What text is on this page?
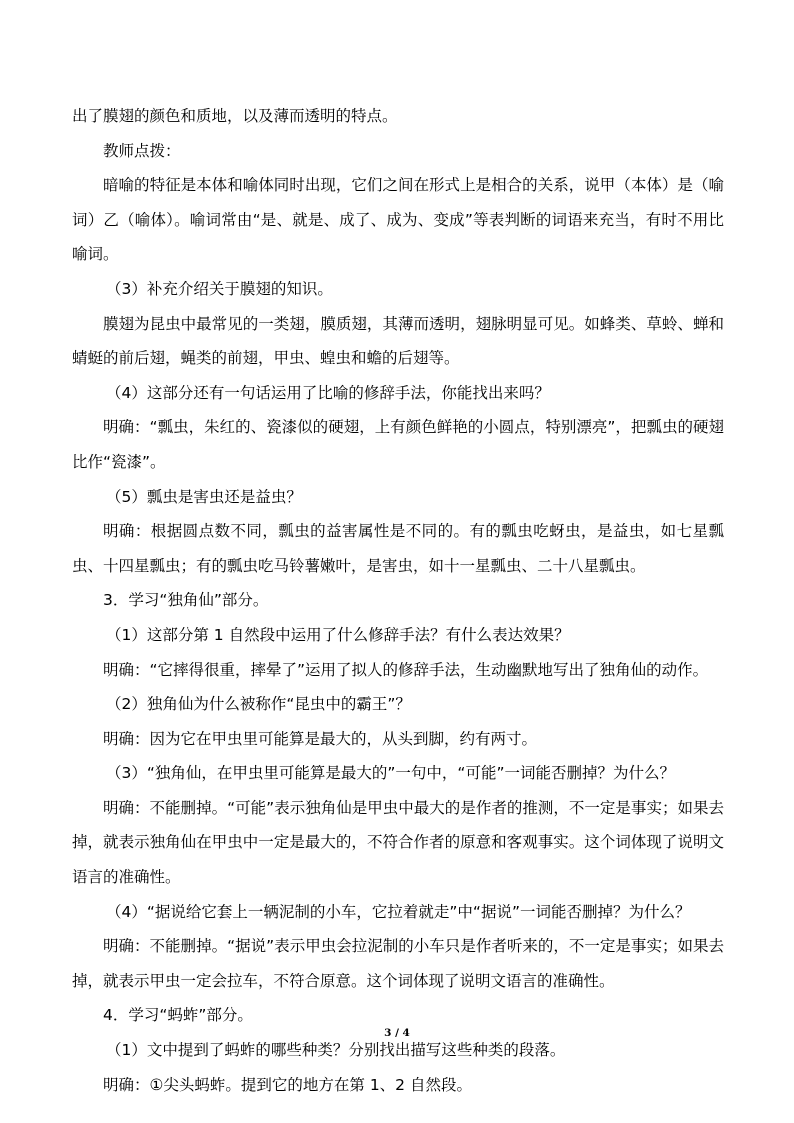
出了膜翅的颜色和质地，以及薄而透明的特点。

教师点拨：

暗喻的特征是本体和喻体同时出现，它们之间在形式上是相合的关系，说甲（本体）是（喻词）乙（喻体）。喻词常由“是、就是、成了、成为、变成”等表判断的词语来充当，有时不用比喻词。

（3）补充介绍关于膜翅的知识。

膜翅为昆虫中最常见的一类翅，膜质翅，其薄而透明，翅脉明显可见。如蜂类、草蛉、蝉和蜻蜓的前后翅，蝇类的前翅，甲虫、蝗虫和蟾的后翅等。

（4）这部分还有一句话运用了比喻的修辞手法，你能找出来吗？

明确：“瓢虫，朱红的、瓷漆似的硬翅，上有颜色鲜艳的小圆点，特别漂亮”，把瓢虫的硬翅比作“瓷漆”。

（5）瓢虫是害虫还是益虫？

明确：根据圆点数不同，瓢虫的益害属性是不同的。有的瓢虫吃蚜虫，是益虫，如七星瓢虫、十四星瓢虫；有的瓢虫吃马铃薯嫩叶，是害虫，如十一星瓢虫、二十八星瓢虫。

3．学习“独角仙”部分。

（1）这部分第 1 自然段中运用了什么修辞手法？有什么表达效果？

明确：“它摔得很重，摔晕了”运用了拟人的修辞手法，生动幽默地写出了独角仙的动作。

（2）独角仙为什么被称作“昆虫中的霸王”？

明确：因为它在甲虫里可能算是最大的，从头到脚，约有两寸。

（3）“独角仙，在甲虫里可能算是最大的”一句中，“可能”一词能否删掉？为什么？

明确：不能删掉。“可能”表示独角仙是甲虫中最大的是作者的推测，不一定是事实；如果去掉，就表示独角仙在甲虫中一定是最大的，不符合作者的原意和客观事实。这个词体现了说明文语言的准确性。

（4）“据说给它套上一辆泥制的小车，它拉着就走”中“据说”一词能否删掉？为什么？

明确：不能删掉。“据说”表示甲虫会拉泥制的小车只是作者听来的，不一定是事实；如果去掉，就表示甲虫一定会拉车，不符合原意。这个词体现了说明文语言的准确性。

4．学习“蚂蚱”部分。

（1）文中提到了蚂蚱的哪些种类？分别找出描写这些种类的段落。

明确：①尖头蚂蚱。提到它的地方在第 1、2 自然段。

3 / 4
